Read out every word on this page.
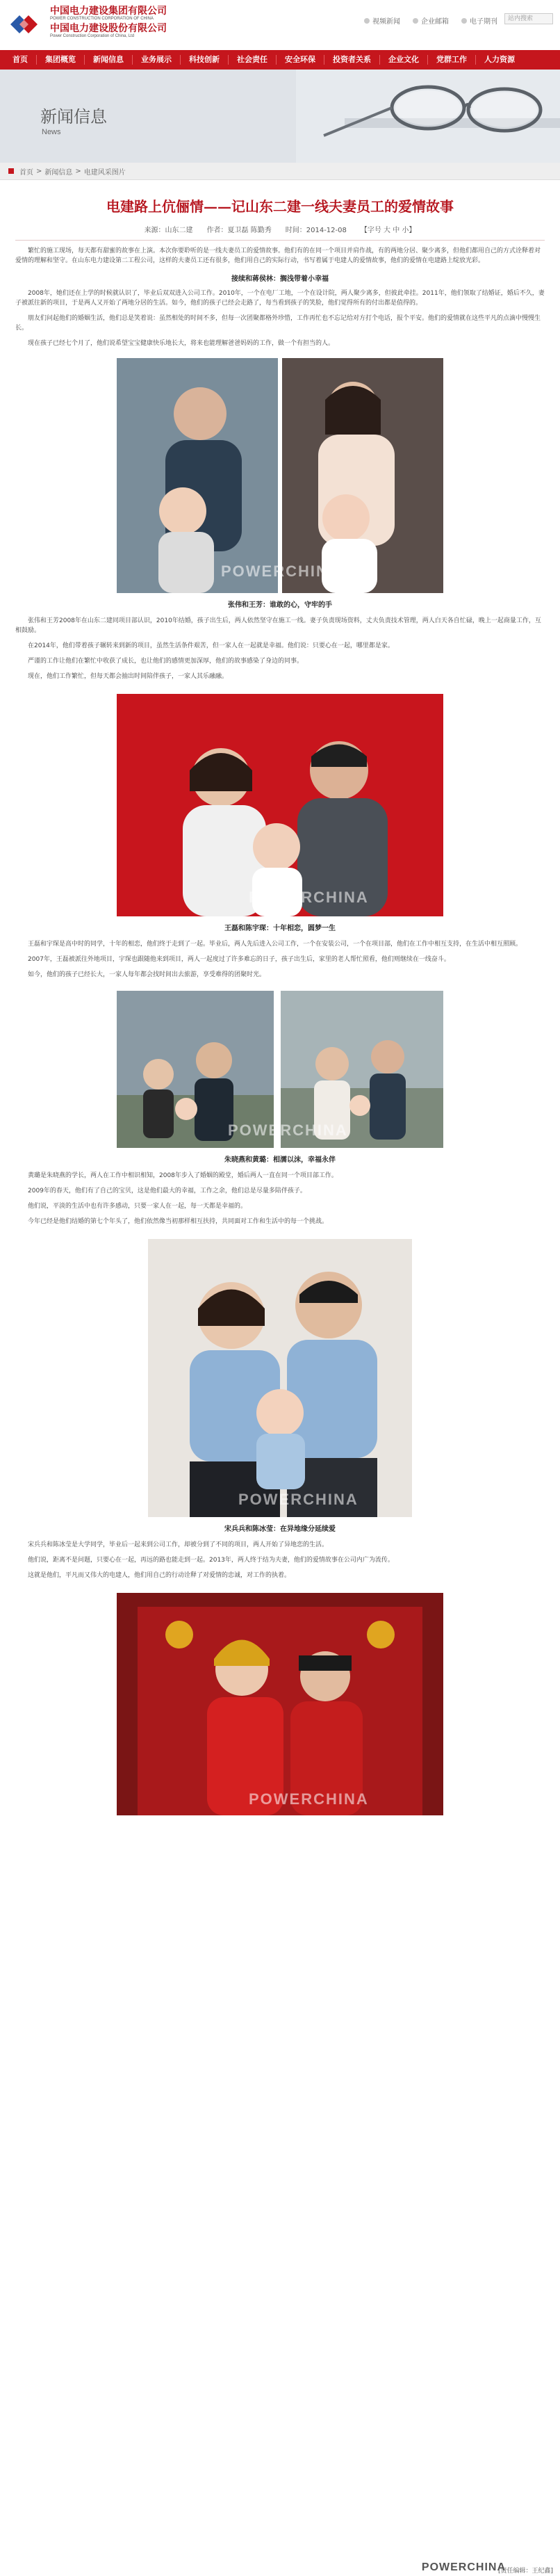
中国电力建设集团有限公司
POWER CONSTRUCTION CORPORATION OF CHINA
中国电力建设股份有限公司
Power Construction Corporation of China, Ltd
视频新闻	企业邮箱	电子期刊	站内搜索
首页	集团概览	新闻信息	业务展示	科技创新	社会责任	安全环保	投资者关系	企业文化	党群工作	人力资源
新闻信息
News
首页 > 新闻信息 > 电建风采图片
电建路上伉俪情——记山东二建一线夫妻员工的爱情故事
来源：山东二建 作者：夏卫磊 陈勤秀 时间：2014-12-08 【字号 大 中 小】

繁忙的施工现场，每天都有甜蜜的故事在上演。本次你要聆听的是一线夫妻员工的爱情故事。他们有的在同一个项目并肩作战，有的两地分居、聚少离多，但他们都用自己的方式诠释着对爱情的理解和坚守。在山东电力建设第二工程公司，这样的夫妻员工还有很多，他们用自己的实际行动，书写着属于电建人的爱情故事，他们的爱情在电建路上绽放光彩。

接续和蒋侯林：搁浅带着小幸福

2008年，她们还在上学的时候就认识了，毕业后双双进入公司工作。2010年，一个在电厂工地，一个在设计院，两人聚少离多，但彼此牵挂。2011年，他们领取了结婚证，婚后不久，妻子被派往新的项目，于是两人又开始了两地分居的生活。如今，他们的孩子已经会走路了，每当看到孩子的笑脸，他们觉得所有的付出都是值得的。

朋友们问起他们的婚姻生活，他们总是笑着说：虽然相处的时间不多，但每一次团聚都格外珍惜，工作再忙也不忘记给对方打个电话，报个平安。他们的爱情就在这些平凡的点滴中慢慢生长。

现在孩子已经七个月了，他们说希望宝宝健康快乐地长大，将来也能理解爸爸妈妈的工作，做一个有担当的人。

POWERCHINA
张伟和王芳：谁敢的心，守牢的手

张伟和王芳2008年在山东二建同项目部认识，2010年结婚，孩子出生后，两人依然坚守在施工一线。妻子负责现场资料，丈夫负责技术管理，两人白天各自忙碌，晚上一起商量工作，互相鼓励。

在2014年，他们带着孩子辗转来到新的项目，虽然生活条件艰苦，但一家人在一起就是幸福。他们说：只要心在一起，哪里都是家。

严谨的工作让他们在繁忙中收获了成长，也让他们的感情更加深厚，他们的故事感染了身边的同事。

现在，他们工作繁忙，但每天都会抽出时间陪伴孩子，一家人其乐融融。

POWERCHINA
王磊和陈宇琛：十年相恋，圆梦一生

王磊和宇琛是高中时的同学，十年的相恋，他们终于走到了一起。毕业后，两人先后进入公司工作，一个在安装公司，一个在项目部，他们在工作中相互支持，在生活中相互照顾。

2007年，王磊被派往外地项目，宇琛也跟随他来到项目，两人一起度过了许多难忘的日子，孩子出生后，家里的老人帮忙照看，他们则继续在一线奋斗。

如今，他们的孩子已经长大，一家人每年都会找时间出去旅游，享受难得的团聚时光。

POWERCHINA
朱晓燕和黄璐：相濡以沫，幸福永伴

黄璐是朱晓燕的学长，两人在工作中相识相知，2008年步入了婚姻的殿堂，婚后两人一直在同一个项目部工作。

2009年的春天，他们有了自己的宝贝，这是他们最大的幸福，工作之余，他们总是尽量多陪伴孩子。

他们说，平淡的生活中也有许多感动，只要一家人在一起，每一天都是幸福的。

今年已经是他们结婚的第七个年头了，他们依然像当初那样相互扶持，共同面对工作和生活中的每一个挑战。

POWERCHINA
宋兵兵和陈冰莹：在异地缘分延续爱

宋兵兵和陈冰莹是大学同学，毕业后一起来到公司工作，却被分到了不同的项目，两人开始了异地恋的生活。

他们说，距离不是问题，只要心在一起，再远的路也能走到一起。2013年，两人终于结为夫妻，他们的爱情故事在公司内广为流传。

这就是他们，平凡而又伟大的电建人，他们用自己的行动诠释了对爱情的忠诚，对工作的执着。

POWERCHINA
POWERCHINA
[责任编辑：王纪鑫]
